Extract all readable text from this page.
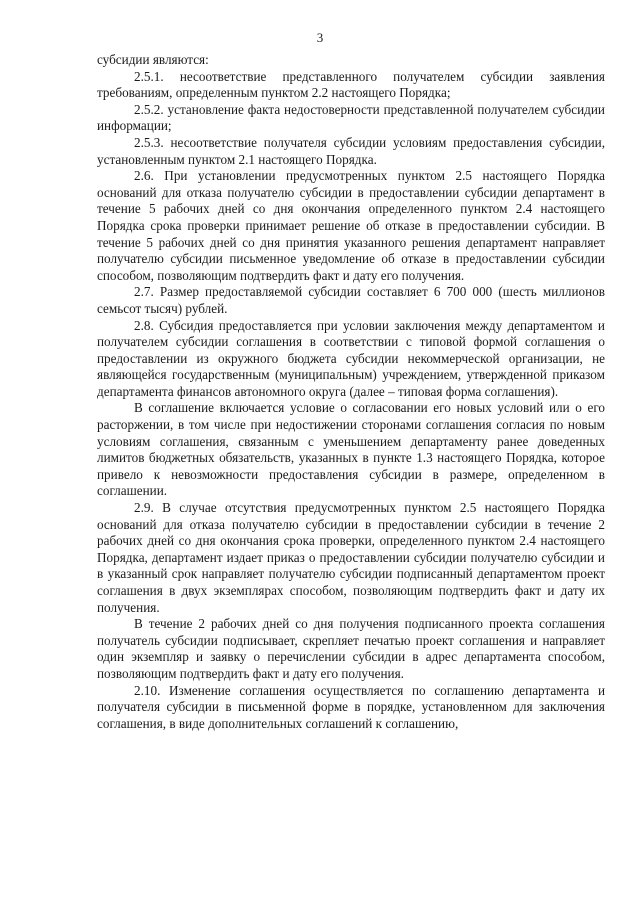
3

субсидии являются:

2.5.1. несоответствие представленного получателем субсидии заявления требованиям, определенным пунктом 2.2 настоящего Порядка;

2.5.2. установление факта недостоверности представленной получателем субсидии информации;

2.5.3. несоответствие получателя субсидии условиям предоставления субсидии, установленным пунктом 2.1 настоящего Порядка.

2.6. При установлении предусмотренных пунктом 2.5 настоящего Порядка оснований для отказа получателю субсидии в предоставлении субсидии департамент в течение 5 рабочих дней со дня окончания определенного пунктом 2.4 настоящего Порядка срока проверки принимает решение об отказе в предоставлении субсидии. В течение 5 рабочих дней со дня принятия указанного решения департамент направляет получателю субсидии письменное уведомление об отказе в предоставлении субсидии способом, позволяющим подтвердить факт и дату его получения.

2.7. Размер предоставляемой субсидии составляет 6 700 000 (шесть миллионов семьсот тысяч) рублей.

2.8. Субсидия предоставляется при условии заключения между департаментом и получателем субсидии соглашения в соответствии с типовой формой соглашения о предоставлении из окружного бюджета субсидии некоммерческой организации, не являющейся государственным (муниципальным) учреждением, утвержденной приказом департамента финансов автономного округа (далее – типовая форма соглашения).

В соглашение включается условие о согласовании его новых условий или о его расторжении, в том числе при недостижении сторонами соглашения согласия по новым условиям соглашения, связанным с уменьшением департаменту ранее доведенных лимитов бюджетных обязательств, указанных в пункте 1.3 настоящего Порядка, которое привело к невозможности предоставления субсидии в размере, определенном в соглашении.

2.9. В случае отсутствия предусмотренных пунктом 2.5 настоящего Порядка оснований для отказа получателю субсидии в предоставлении субсидии в течение 2 рабочих дней со дня окончания срока проверки, определенного пунктом 2.4 настоящего Порядка, департамент издает приказ о предоставлении субсидии получателю субсидии и в указанный срок направляет получателю субсидии подписанный департаментом проект соглашения в двух экземплярах способом, позволяющим подтвердить факт и дату их получения.

В течение 2 рабочих дней со дня получения подписанного проекта соглашения получатель субсидии подписывает, скрепляет печатью проект соглашения и направляет один экземпляр и заявку о перечислении субсидии в адрес департамента способом, позволяющим подтвердить факт и дату его получения.

2.10. Изменение соглашения осуществляется по соглашению департамента и получателя субсидии в письменной форме в порядке, установленном для заключения соглашения, в виде дополнительных соглашений к соглашению,
